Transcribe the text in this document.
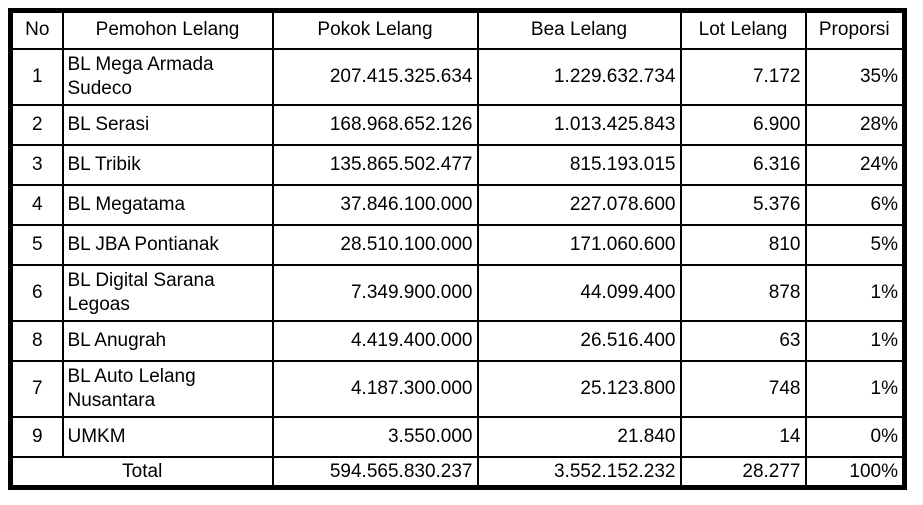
No	Pemohon Lelang	Pokok Lelang	Bea Lelang	Lot Lelang	Proporsi
1	BL Mega Armada Sudeco	207.415.325.634	1.229.632.734	7.172	35%
2	BL Serasi	168.968.652.126	1.013.425.843	6.900	28%
3	BL Tribik	135.865.502.477	815.193.015	6.316	24%
4	BL Megatama	37.846.100.000	227.078.600	5.376	6%
5	BL JBA Pontianak	28.510.100.000	171.060.600	810	5%
6	BL Digital Sarana Legoas	7.349.900.000	44.099.400	878	1%
8	BL Anugrah	4.419.400.000	26.516.400	63	1%
7	BL Auto Lelang Nusantara	4.187.300.000	25.123.800	748	1%
9	UMKM	3.550.000	21.840	14	0%
Total		594.565.830.237	3.552.152.232	28.277	100%
